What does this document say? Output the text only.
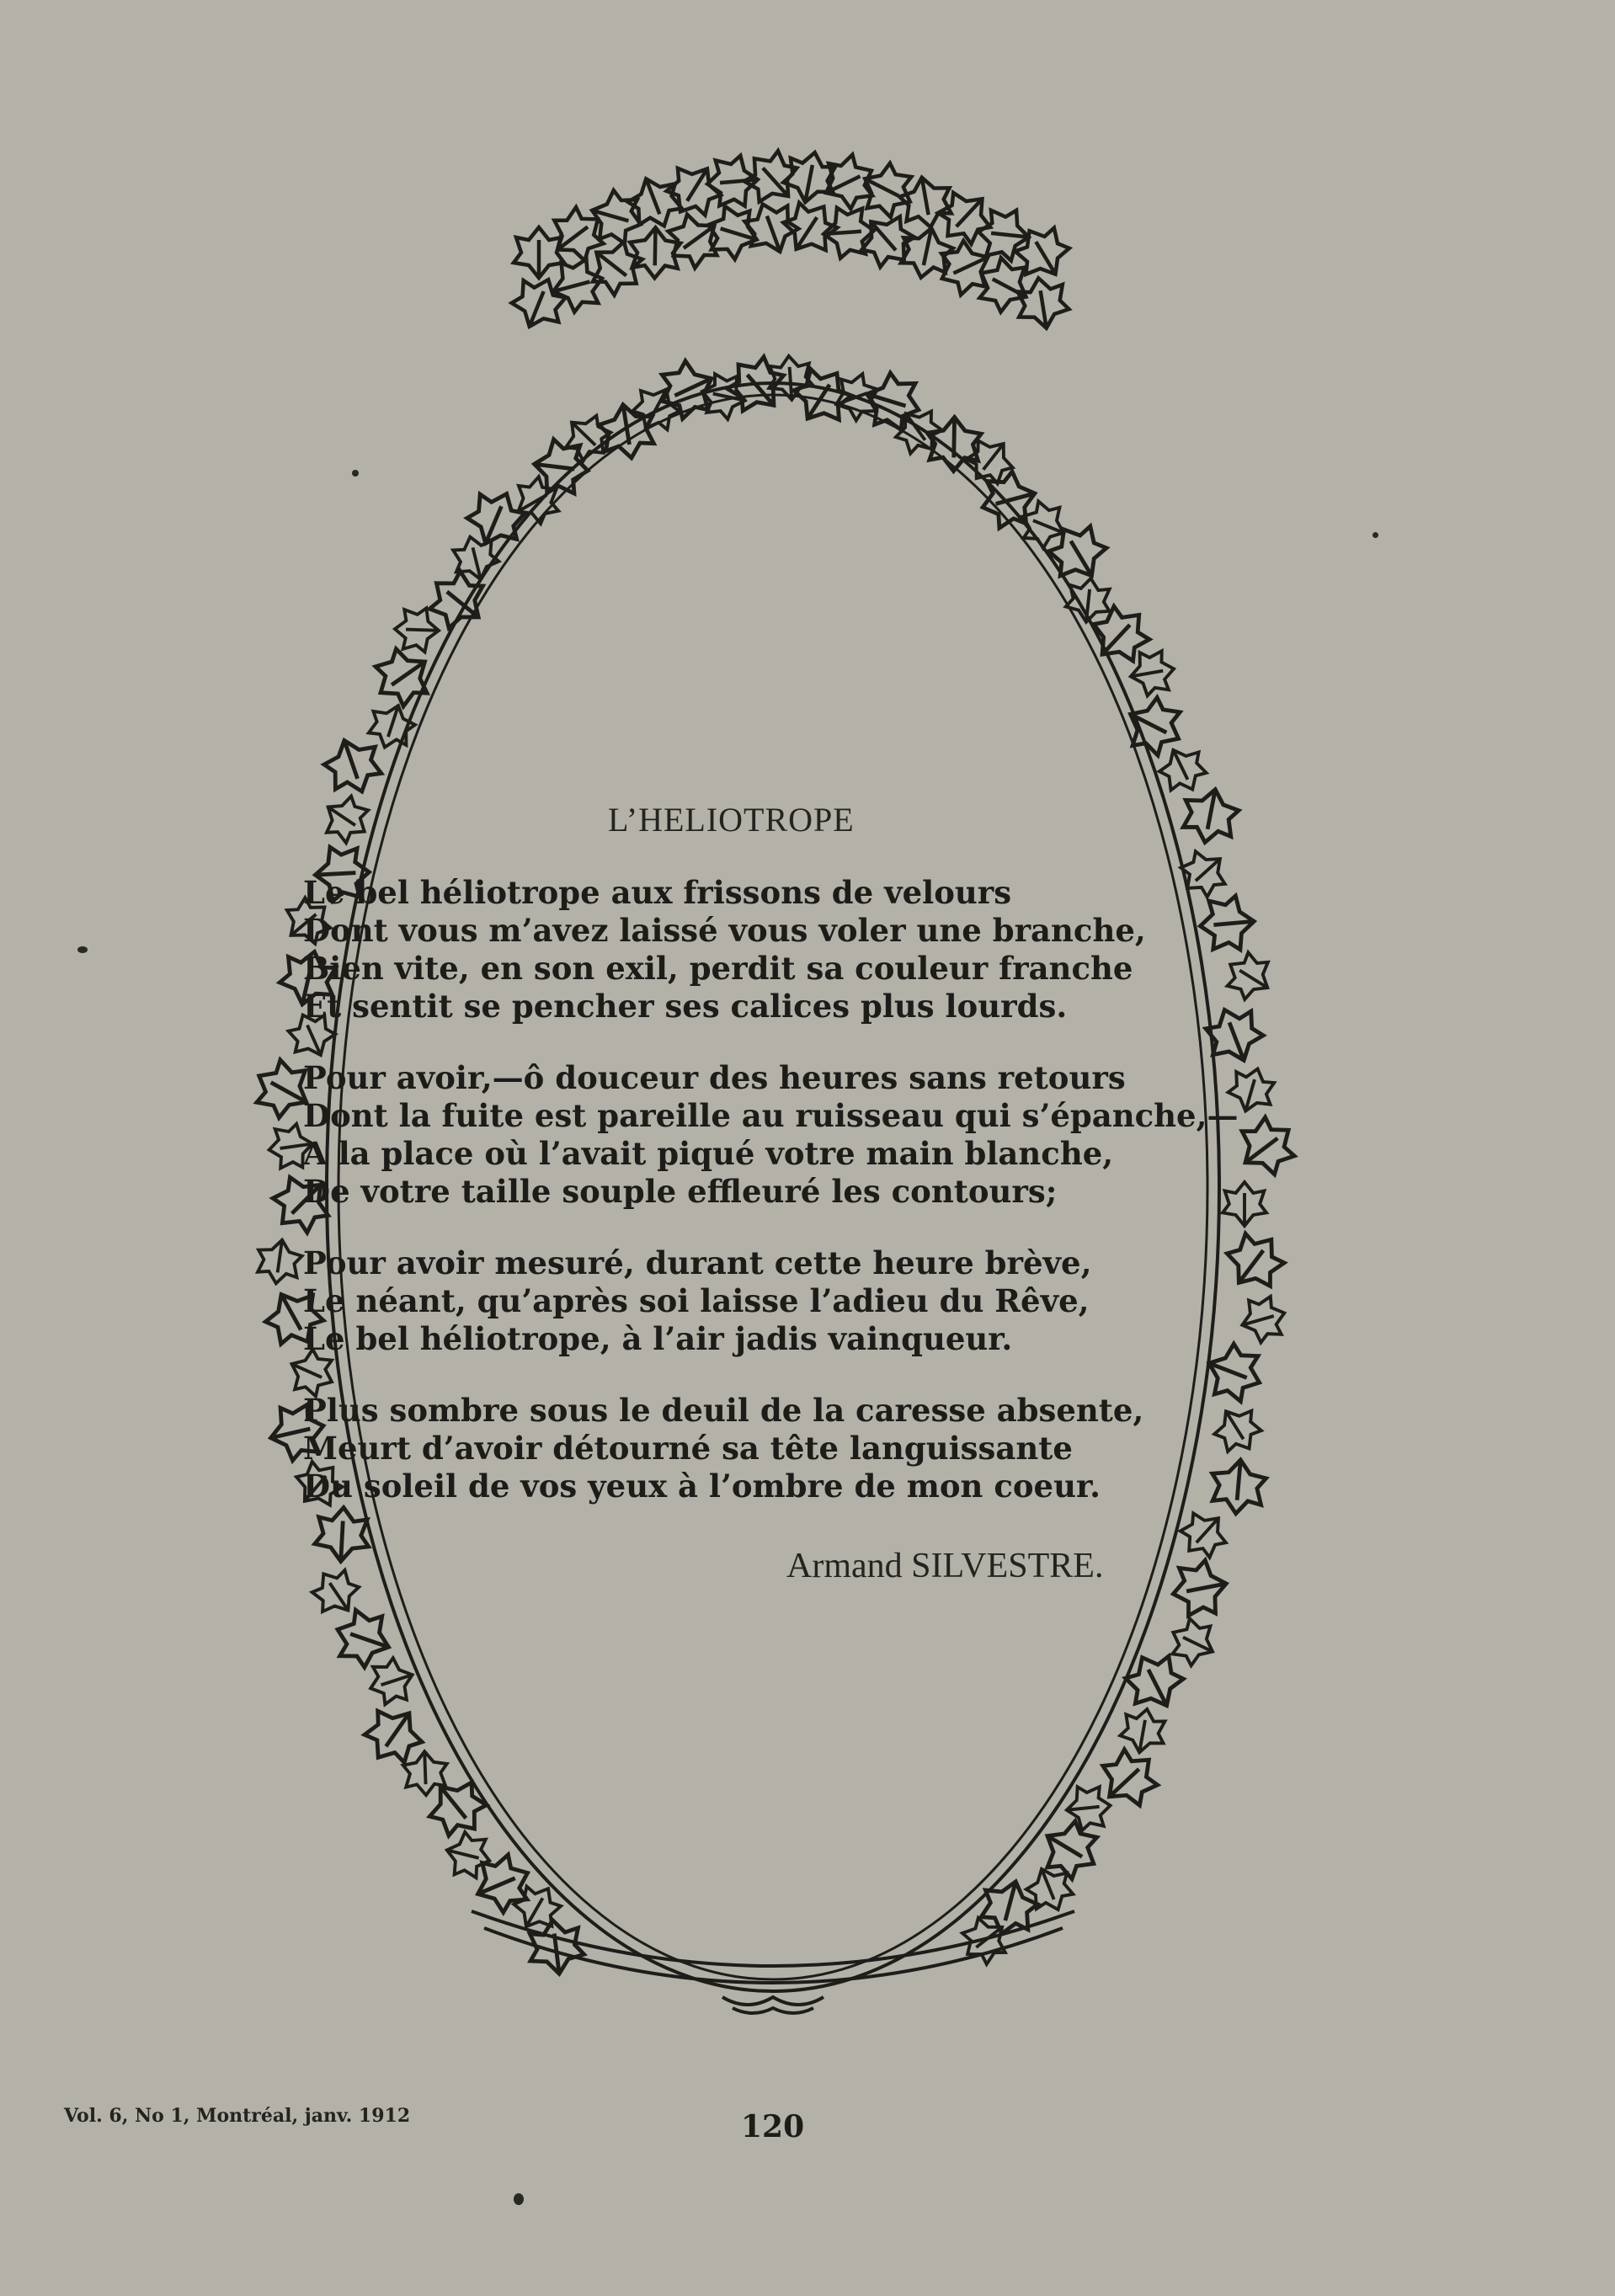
L’HELIOTROPE
Le bel héliotrope aux frissons de velours
Dont vous m’avez laissé vous voler une branche,
Bien vite, en son exil, perdit sa couleur franche
Et sentit se pencher ses calices plus lourds.
Pour avoir,—ô douceur des heures sans retours
Dont la fuite est pareille au ruisseau qui s’épanche,—
A la place où l’avait piqué votre main blanche,
De votre taille souple effleuré les contours;
Pour avoir mesuré, durant cette heure brève,
Le néant, qu’après soi laisse l’adieu du Rêve,
Le bel héliotrope, à l’air jadis vainqueur.
Plus sombre sous le deuil de la caresse absente,
Meurt d’avoir détourné sa tête languissante
Du soleil de vos yeux à l’ombre de mon coeur.
Armand SILVESTRE.
Vol. 6, No 1, Montréal, janv. 1912	120
